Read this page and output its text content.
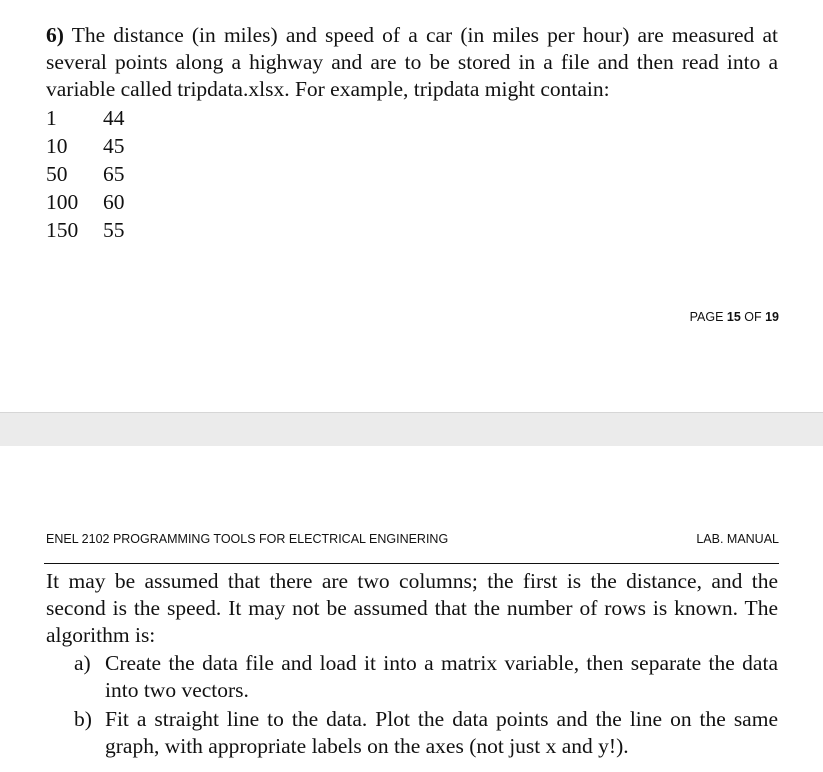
6) The distance (in miles) and speed of a car (in miles per hour) are measured at several points along a highway and are to be stored in a file and then read into a variable called tripdata.xlsx. For example, tripdata might contain:
1	44
10	45
50	65
100	60
150	55
PAGE 15 OF 19
ENEL 2102 PROGRAMMING TOOLS FOR ELECTRICAL ENGINERING	LAB. MANUAL
It may be assumed that there are two columns; the first is the distance, and the second is the speed. It may not be assumed that the number of rows is known. The algorithm is:
a) Create the data file and load it into a matrix variable, then separate the data into two vectors.
b) Fit a straight line to the data. Plot the data points and the line on the same graph, with appropriate labels on the axes (not just x and y!).
